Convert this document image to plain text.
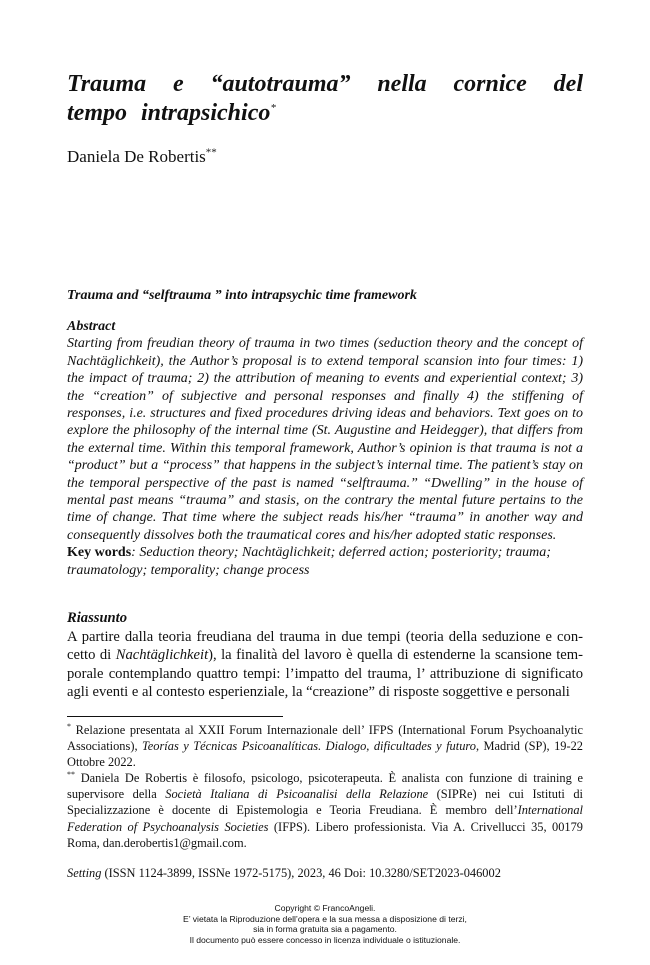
Trauma e “autotrauma” nella cornice del tempo intrapsichico*
Daniela De Robertis**
Trauma and “selftrauma ” into intrapsychic time framework
Abstract
Starting from freudian theory of trauma in two times (seduction theory and the concept of Nachtäglichkeit), the Author’s proposal is to extend temporal scansion into four times: 1) the impact of trauma; 2) the attribution of meaning to events and experiential context; 3) the “creation” of subjective and personal responses and finally 4) the stiffening of responses, i.e. structures and fixed procedures driving ideas and behaviors. Text goes on to explore the philosophy of the internal time (St. Augustine and Heidegger), that differs from the external time. Within this temporal framework, Author’s opinion is that trauma is not a “product” but a “process” that happens in the subject’s internal time. The patient’s stay on the temporal perspective of the past is named “selftrauma.” “Dwelling” in the house of mental past means “trauma” and stasis, on the contrary the mental future pertains to the time of change. That time where the subject reads his/her “trauma” in another way and consequently dissolves both the traumatical cores and his/her adopted static responses.
Key words: Seduction theory; Nachtäglichkeit; deferred action; posteriority; trauma; traumatology; temporality; change process
Riassunto
A partire dalla teoria freudiana del trauma in due tempi (teoria della seduzione e concetto di Nachtäglichkeit), la finalità del lavoro è quella di estenderne la scansione temporale contemplando quattro tempi: l’impatto del trauma, l’ attribuzione di significato agli eventi e al contesto esperienziale, la “creazione” di risposte soggettive e personali

* Relazione presentata al XXII Forum Internazionale dell’ IFPS (International Forum Psychoanalytic Associations), Teorías y Técnicas Psicoanalíticas. Dialogo, dificultades y futuro, Madrid (SP), 19-22 Ottobre 2022.

** Daniela De Robertis è filosofo, psicologo, psicoterapeuta. È analista con funzione di training e supervisore della Società Italiana di Psicoanalisi della Relazione (SIPRe) nei cui Istituti di Specializzazione è docente di Epistemologia e Teoria Freudiana. È membro dell’International Federation of Psychoanalysis Societies (IFPS). Libero professionista. Via A. Crivellucci 35, 00179 Roma, dan.derobertis1@gmail.com.

Setting (ISSN 1124-3899, ISSNe 1972-5175), 2023, 46 Doi: 10.3280/SET2023-046002
Copyright © FrancoAngeli.
E’ vietata la Riproduzione dell’opera e la sua messa a disposizione di terzi,
sia in forma gratuita sia a pagamento.
Il documento può essere concesso in licenza individuale o istituzionale.
